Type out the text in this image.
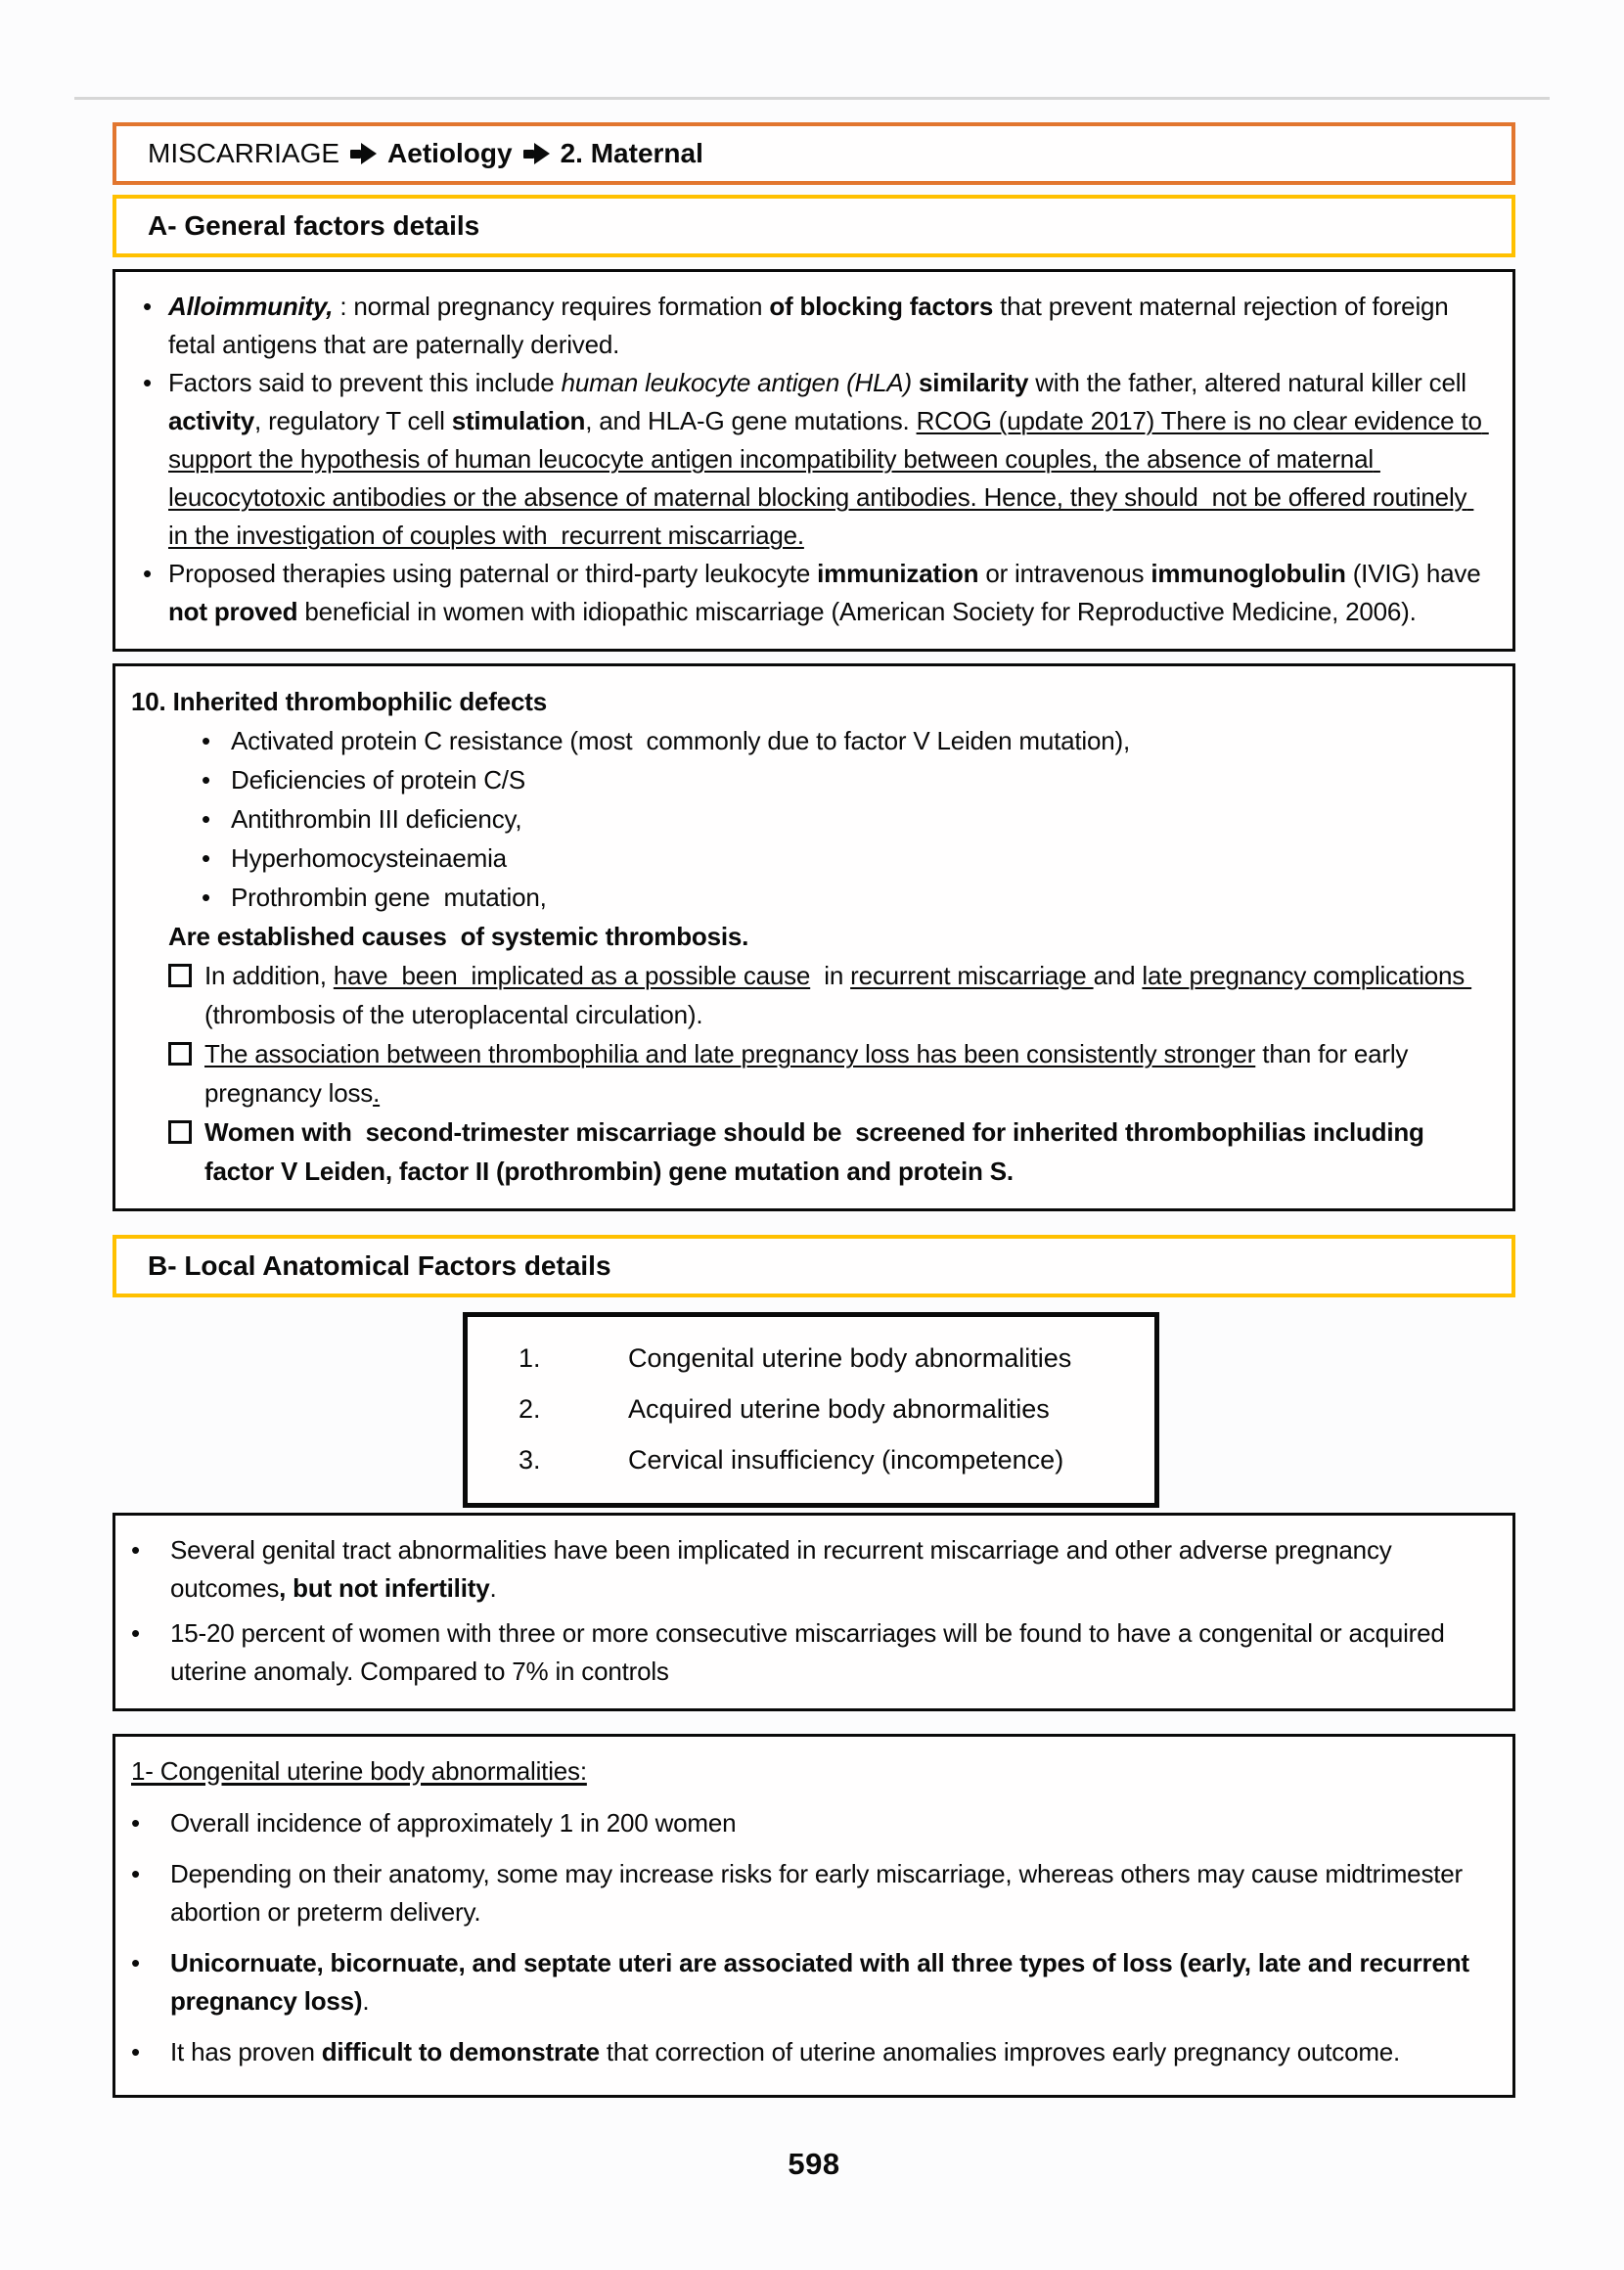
MISCARRIAGE Aetiology 2. Maternal
A- General factors details
• Alloimmunity, : normal pregnancy requires formation of blocking factors that prevent maternal rejection of foreign fetal antigens that are paternally derived.
• Factors said to prevent this include human leukocyte antigen (HLA) similarity with the father, altered natural killer cell activity, regulatory T cell stimulation, and HLA-G gene mutations. RCOG (update 2017) There is no clear evidence to support the hypothesis of human leucocyte antigen incompatibility between couples, the absence of maternal leucocytotoxic antibodies or the absence of maternal blocking antibodies. Hence, they should  not be offered routinely in the investigation of couples with  recurrent miscarriage.
• Proposed therapies using paternal or third-party leukocyte immunization or intravenous immunoglobulin (IVIG) have not proved beneficial in women with idiopathic miscarriage (American Society for Reproductive Medicine, 2006).
10. Inherited thrombophilic defects
• Activated protein C resistance (most  commonly due to factor V Leiden mutation),
• Deficiencies of protein C/S
• Antithrombin III deficiency,
• Hyperhomocysteinaemia
• Prothrombin gene  mutation,
Are established causes  of systemic thrombosis.
In addition, have  been  implicated as a possible cause  in recurrent miscarriage and late pregnancy complications (thrombosis of the uteroplacental circulation).
The association between thrombophilia and late pregnancy loss has been consistently stronger than for early pregnancy loss.
Women with  second-trimester miscarriage should be  screened for inherited thrombophilias including factor V Leiden, factor II (prothrombin) gene mutation and protein S.
B- Local Anatomical Factors details
1.	Congenital uterine body abnormalities
2.	Acquired uterine body abnormalities
3.	Cervical insufficiency (incompetence)
•	Several genital tract abnormalities have been implicated in recurrent miscarriage and other adverse pregnancy outcomes, but not infertility.
•	15-20 percent of women with three or more consecutive miscarriages will be found to have a congenital or acquired uterine anomaly. Compared to 7% in controls
1- Congenital uterine body abnormalities:
•	Overall incidence of approximately 1 in 200 women
•	Depending on their anatomy, some may increase risks for early miscarriage, whereas others may cause midtrimester abortion or preterm delivery.
•	Unicornuate, bicornuate, and septate uteri are associated with all three types of loss (early, late and recurrent pregnancy loss).
•	It has proven difficult to demonstrate that correction of uterine anomalies improves early pregnancy outcome.
598
